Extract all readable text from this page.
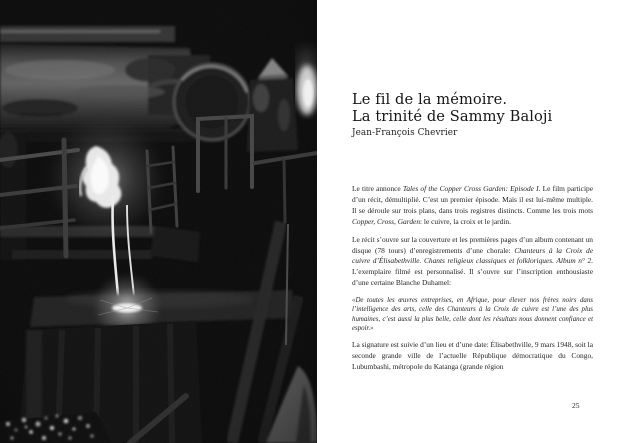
Le fil de la mémoire.
La trinité de Sammy Baloji
Jean-François Chevrier

Le titre annonce Tales of the Copper Cross Garden: Episode I. Le film participe d’un récit, démultiplié. C’est un premier épisode. Mais il est lui-même multiple. Il se déroule sur trois plans, dans trois registres distincts. Comme les trois mots Copper, Cross, Garden: le cuivre, la croix et le jardin.

Le récit s’ouvre sur la couverture et les premières pages d’un album contenant un disque (78 tours) d’enregistrements d’une chorale: Chanteurs à la Croix de cuivre d’Élisabethville. Chants religieux classiques et folkloriques. Album n° 2. L’exemplaire filmé est personnalisé. Il s’ouvre sur l’inscription enthousiaste d’une certaine Blanche Duhamel:

«De toutes les œuvres entreprises, en Afrique, pour élever nos frères noirs dans l’intelligence des arts, celle des Chanteurs à la Croix de cuivre est l’une des plus humaines, c’est aussi la plus belle, celle dont les résultats nous donnent confiance et espoir.»

La signature est suivie d’un lieu et d’une date: Élisabethville, 9 mars 1948, soit la seconde grande ville de l’actuelle République démocratique du Congo, Lubumbashi, métropole du Katanga (grande région

25
